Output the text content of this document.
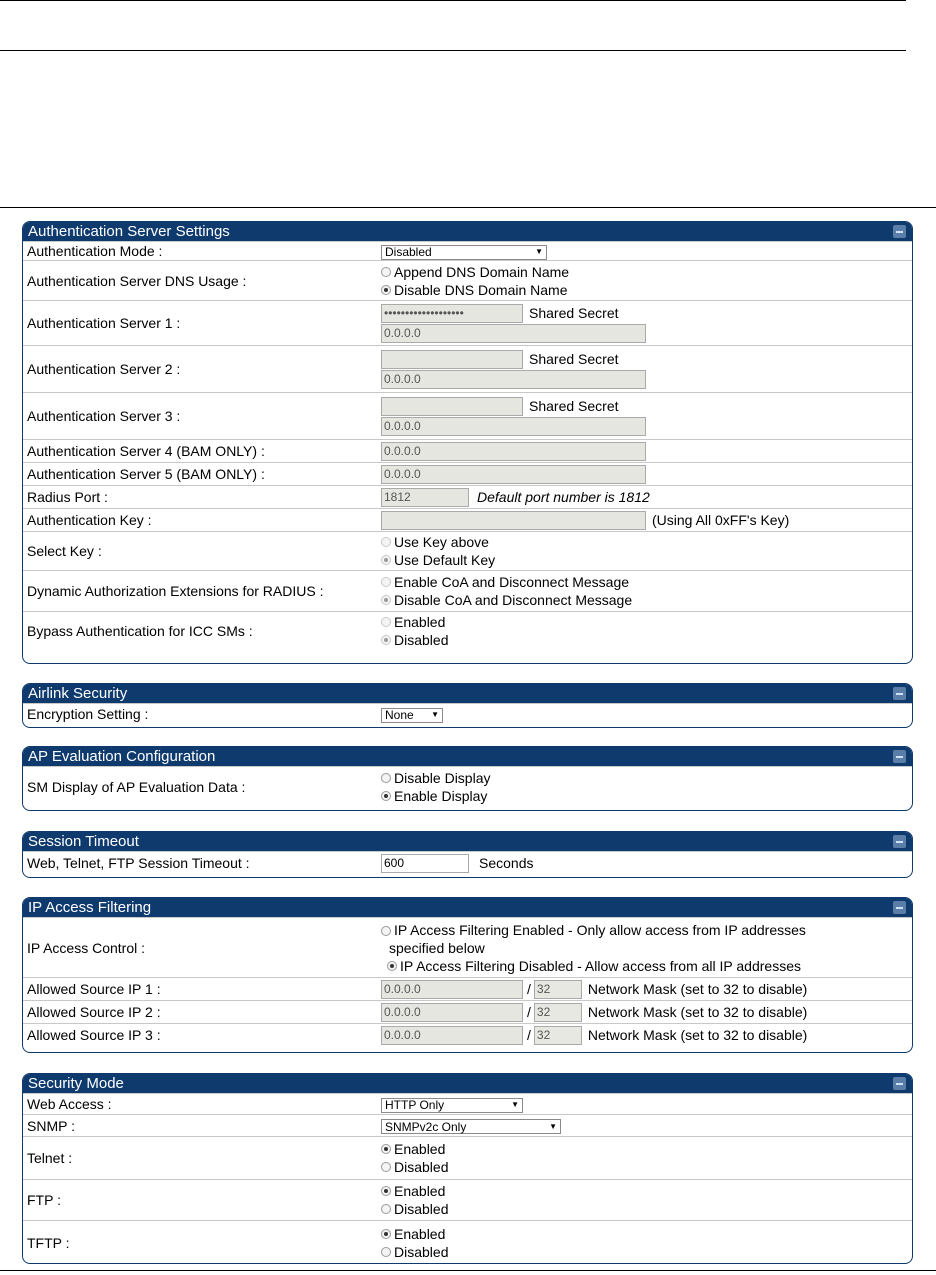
Authentication Server Settings
Authentication Mode :	Disabled	▼
Authentication Server DNS Usage :
Append DNS Domain Name
Disable DNS Domain Name
Authentication Server 1 :
•••••••••••••••••••	Shared Secret
0.0.0.0
Authentication Server 2 :
Shared Secret
0.0.0.0
Authentication Server 3 :
Shared Secret
0.0.0.0
Authentication Server 4 (BAM ONLY) :	0.0.0.0
Authentication Server 5 (BAM ONLY) :	0.0.0.0
Radius Port :	1812	Default port number is 1812
Authentication Key :	(Using All 0xFF's Key)
Select Key :
Use Key above
Use Default Key
Dynamic Authorization Extensions for RADIUS :
Enable CoA and Disconnect Message
Disable CoA and Disconnect Message
Bypass Authentication for ICC SMs :
Enabled
Disabled
Airlink Security
Encryption Setting :	None ▼
AP Evaluation Configuration
SM Display of AP Evaluation Data :
Disable Display
Enable Display
Session Timeout
Web, Telnet, FTP Session Timeout :	600	Seconds
IP Access Filtering
IP Access Control :
IP Access Filtering Enabled - Only allow access from IP addresses specified below
IP Access Filtering Disabled - Allow access from all IP addresses
Allowed Source IP 1 :	0.0.0.0	/ 32	Network Mask (set to 32 to disable)
Allowed Source IP 2 :	0.0.0.0	/ 32	Network Mask (set to 32 to disable)
Allowed Source IP 3 :	0.0.0.0	/ 32	Network Mask (set to 32 to disable)
Security Mode
Web Access :	HTTP Only	▼
SNMP :	SNMPv2c Only	▼
Telnet :
Enabled
Disabled
FTP :
Enabled
Disabled
TFTP :
Enabled
Disabled
